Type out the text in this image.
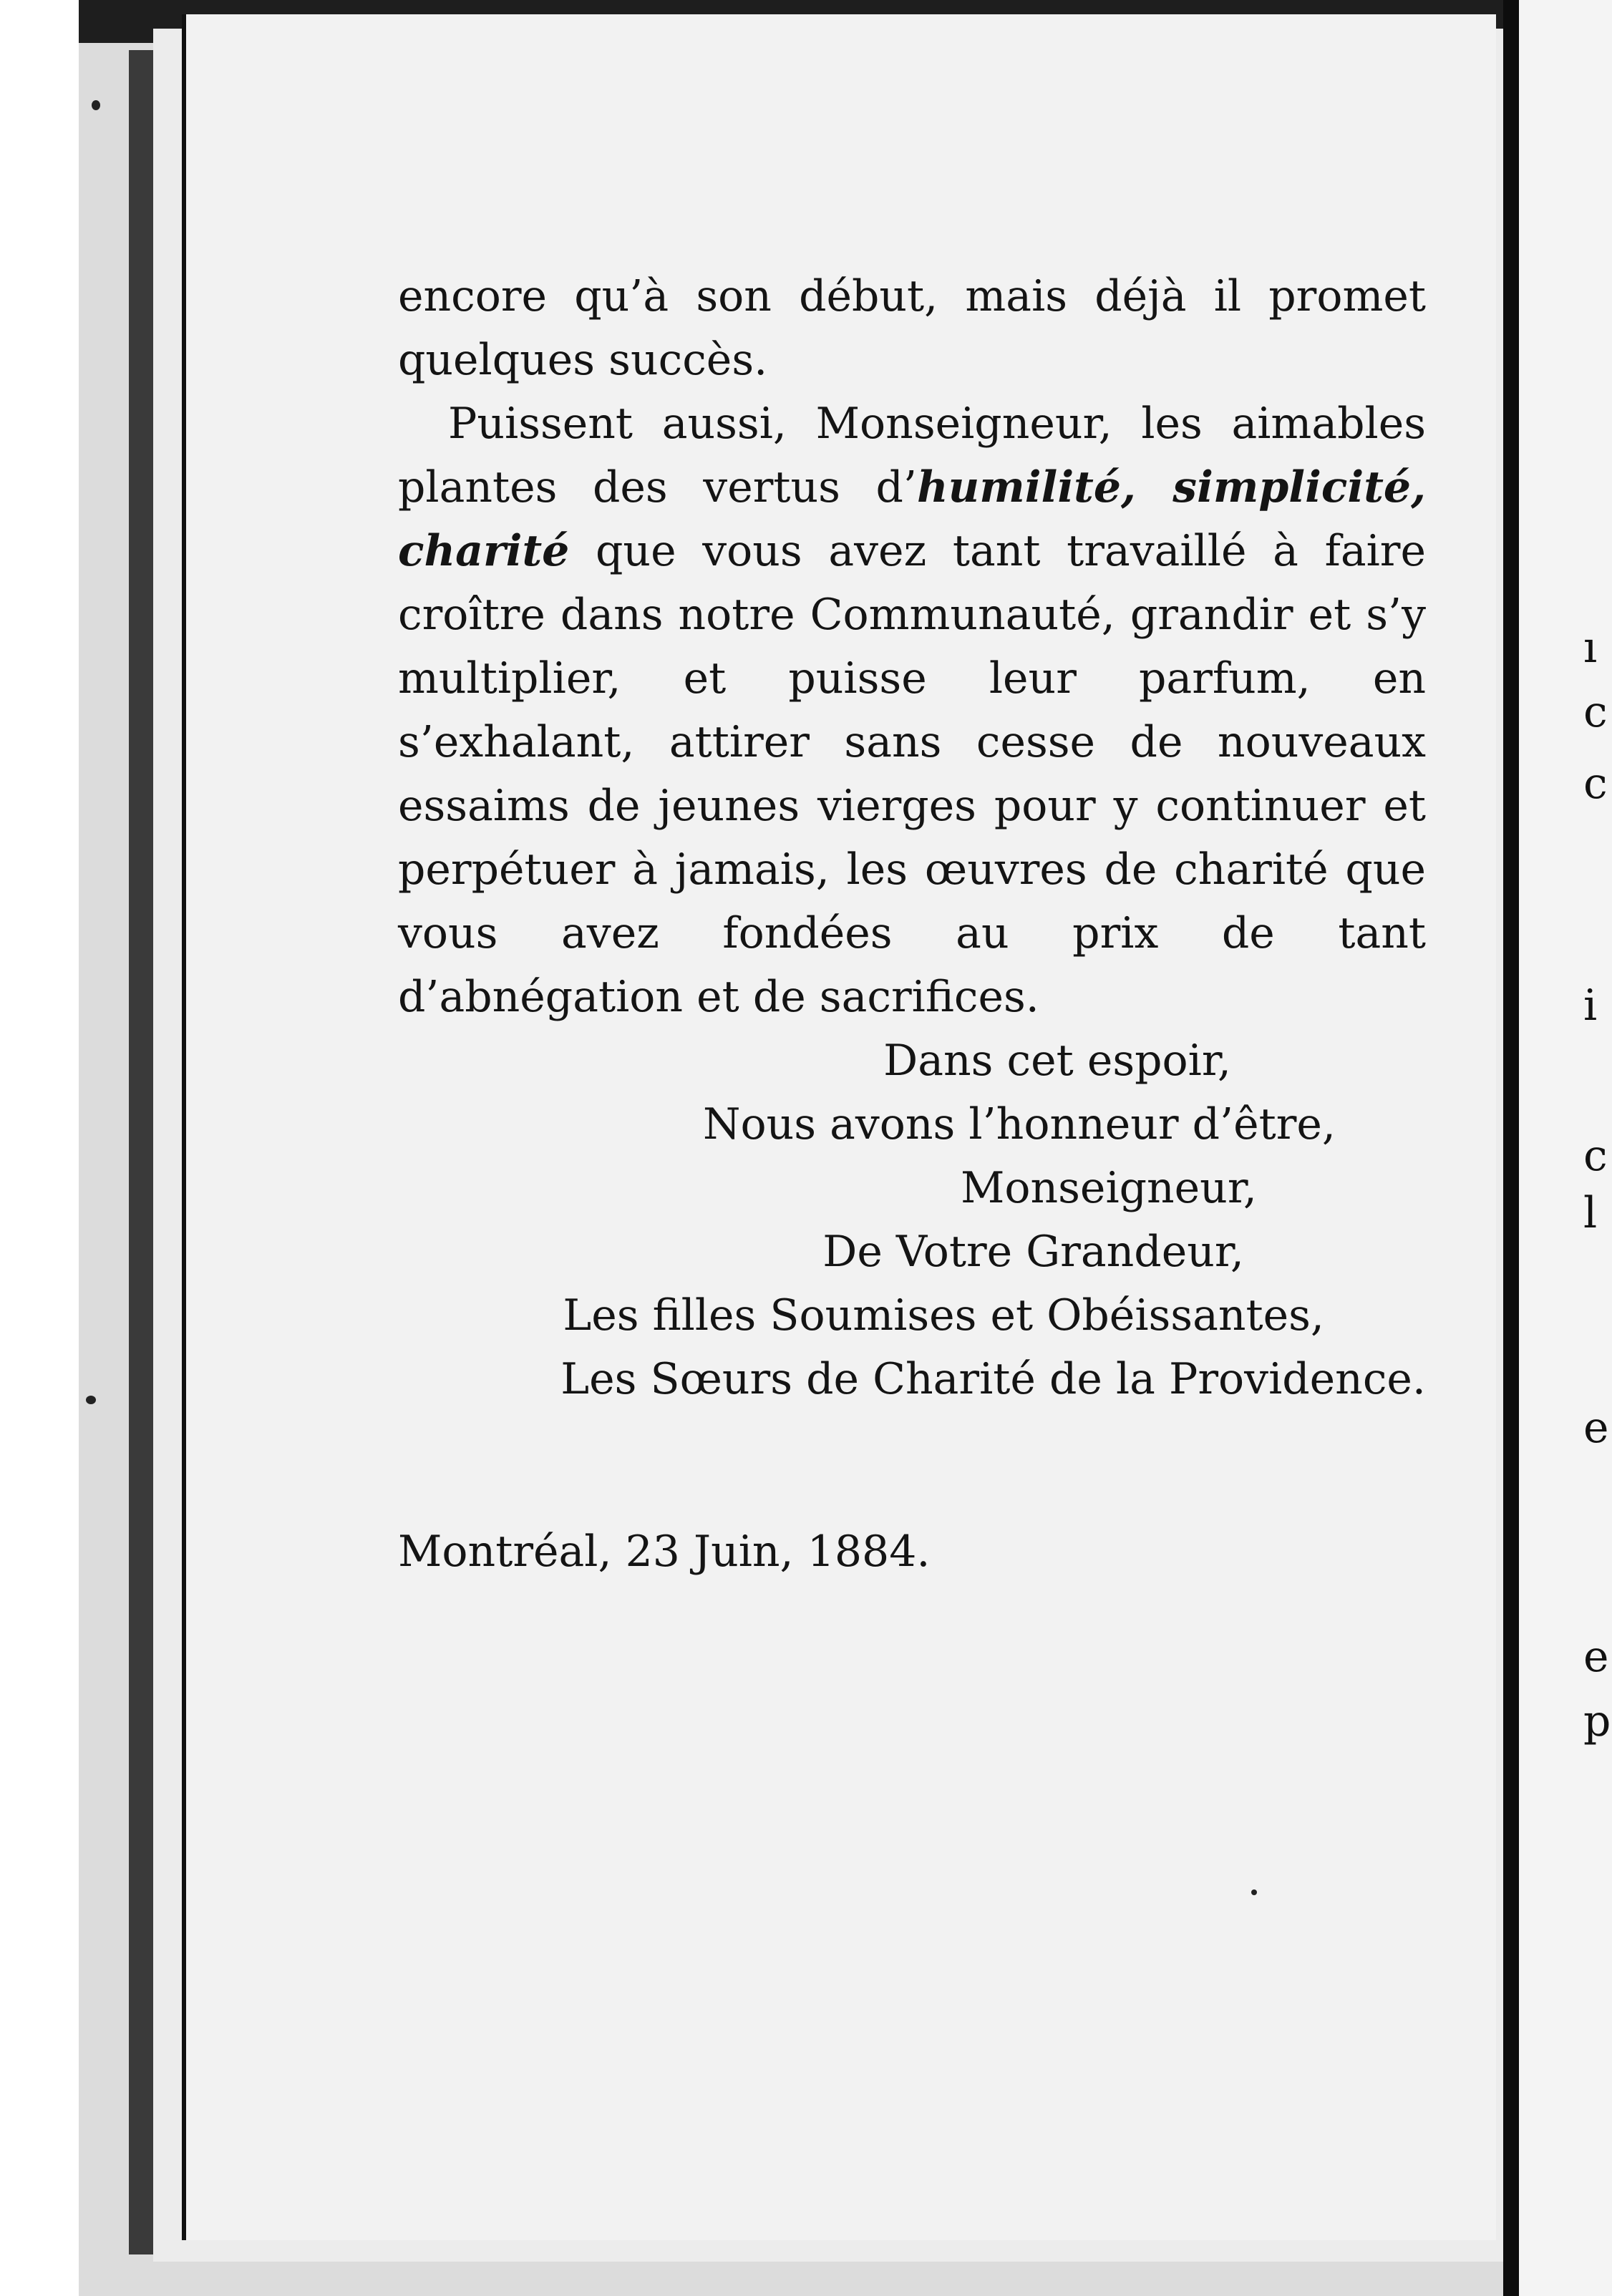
ı
c
c
i
c
l
e
e
p

encore qu’à son début, mais déjà il promet quelques succès.

Puissent aussi, Monseigneur, les aimables plantes des vertus d’humilité, simplicité, charité que vous avez tant travaillé à faire croître dans notre Communauté, grandir et s’y multiplier, et puisse leur parfum, en s’exhalant, attirer sans cesse de nouveaux essaims de jeunes vierges pour y continuer et perpétuer à jamais, les œuvres de charité que vous avez fondées au prix de tant d’abnégation et de sacrifices.

Dans cet espoir,

Nous avons l’honneur d’être,

Monseigneur,

De Votre Grandeur,

Les filles Soumises et Obéissantes,

Les Sœurs de Charité de la Providence.

Montréal, 23 Juin, 1884.
